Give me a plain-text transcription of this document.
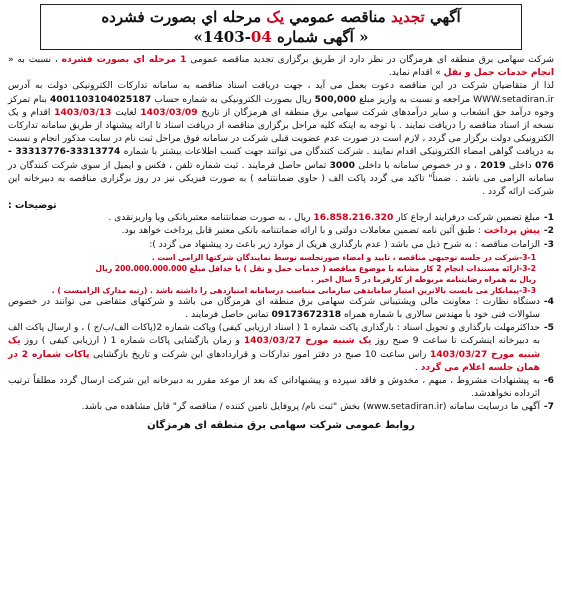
آگهي تجديد مناقصه عمومي يک مرحله اي بصورت فشرده
« آگهی شماره 04-1403»

شرکت سهامی برق منطقه ای هرمزگان در نظر دارد از طریق برگزاری تجدید مناقصه عمومی 1 مرحله ای بصورت فشرده ، نسبت به « انجام خدمات حمل و نقل » اقدام نماید.

لذا از متقاضیان شرکت در این مناقصه دعوت بعمل می آید ، جهت دریافت اسناد مناقصه به سامانه تدارکات الکترونیکی دولت به آدرس WWW.setadiran.ir مراجعه و نسبت به واریز مبلغ 500,000 ریال بصورت الکترونیکی به شماره حساب 4001103104025187 بنام تمرکز وجوه درآمد حق انشعاب و سایر درآمدهای شرکت سهامی برق منطقه ای هرمزگان از تاریخ 1403/03/09 لغایت 1403/03/13 اقدام و یک نسخه از اسناد مناقصه را دریافت نمایند . با توجه به اینکه کلیه مراحل برگزاری مناقصه از دریافت اسناد تا ارائه پیشنهاد از طریق سامانه تدارکات الکترونیکی دولت برگزار می گردد ، لازم است در صورت عدم عضویت قبلی شرکت در سامانه فوق مراحل ثبت نام در سایت مذکور انجام و نسبت به دریافت گواهی امضاء الکترونیکی اقدام نمایند . شرکت کنندگان می توانند جهت کسب اطلاعات بیشتر با شماره 33313774-33313776 - 076 داخلی 2019 ، و در خصوص سامانه با داخلی 3000 تماس حاصل فرمایند . ثبت شماره تلفن ، فکس و ایمیل از سوی شرکت کنندگان در سامانه الزامی می باشد . ضمناً" تاکید می گردد پاکت الف ( حاوی ضمانتنامه ) به صورت فیزیکی نیز در روز برگزاری مناقصه به دبیرخانه این شرکت ارائه گردد .

توضیحات :

1-
مبلغ تضمین شرکت درفرایند ارجاع کار 16.858.216.320 ریال ، به صورت ضمانتنامه معتبربانکی ویا واریزنقدی .
2-
پیش پرداخت : طبق آئین نامه تضمین معاملات دولتی و با ارائه ضمانتنامه بانکی معتبر قابل پرداخت خواهد بود.
3-
الزامات مناقصه : به شرح ذیل می باشد ( عدم بارگذاری هریک از موارد زیر باعث رد پیشنهاد می گردد ):

3-1-شرکت در جلسه توجیهی مناقصه ، تایید و امضاء صورتجلسه توسط نمایندگان شرکتها الزامی است .

3-2-ارائه مستندات انجام 2 کار مشابه با موضوع مناقصه ( خدمات حمل و نقل ) با حداقل مبلغ 200.000.000.000 ریال

ریال به همراه رضایتنامه مربوطه از کارفرما در 5 سال اخیر .

3-3-پیمانکار می بایست بالاترین امتیاز ساماندهی سازمانی متناسب درسامانه امتیازدهی را داشته باشد . (رتبه مدارک الزامیست ) .

4-
دستگاه نظارت : معاونت مالی وپشتیبانی شرکت سهامی برق منطقه ای هرمزگان می باشد و شرکتهای متقاضی می توانند در خصوص سئوالات فنی خود با مهندس سالاری با شماره همراه 09173672318 تماس حاصل فرمایند .
5-
حداکثرمهلت بارگذاری و تحویل اسناد : بارگذاری پاکت شماره 1 ( اسناد ارزیابی کیفی) وپاکت شماره 2(پاکات الف/ب/ج ) ، و ارسال پاکت الف به دبیرخانه اینشرکت تا ساعت 9 صبح روز یک شنبه مورخ 1403/03/27 و زمان بازگشایی پاکات شماره 1 ( ارزیابی کیفی ) روز یک شنبه مورخ 1403/03/27 راس ساعت 10 صبح در دفتر امور تدارکات و قراردادهای این شرکت و تاریخ بازگشایی پاکات شماره 2 در همان جلسه اعلام می گردد .
6-
به پیشنهادات مشروط ، مبهم ، مخدوش و فاقد سپرده و پیشنهاداتی که بعد از موعد مقرر به دبیرخانه این شرکت ارسال گردد مطلقاً ترتیب اثرداده نخواهدشد.
7-
آگهی ما درسایت سامانه (www.setadiran.ir) بخش "ثبت نام/ پروفایل تامین کننده / مناقصه گر" قابل مشاهده می باشد.
روابط عمومی شرکت سهامی برق منطقه ای هرمزگان
